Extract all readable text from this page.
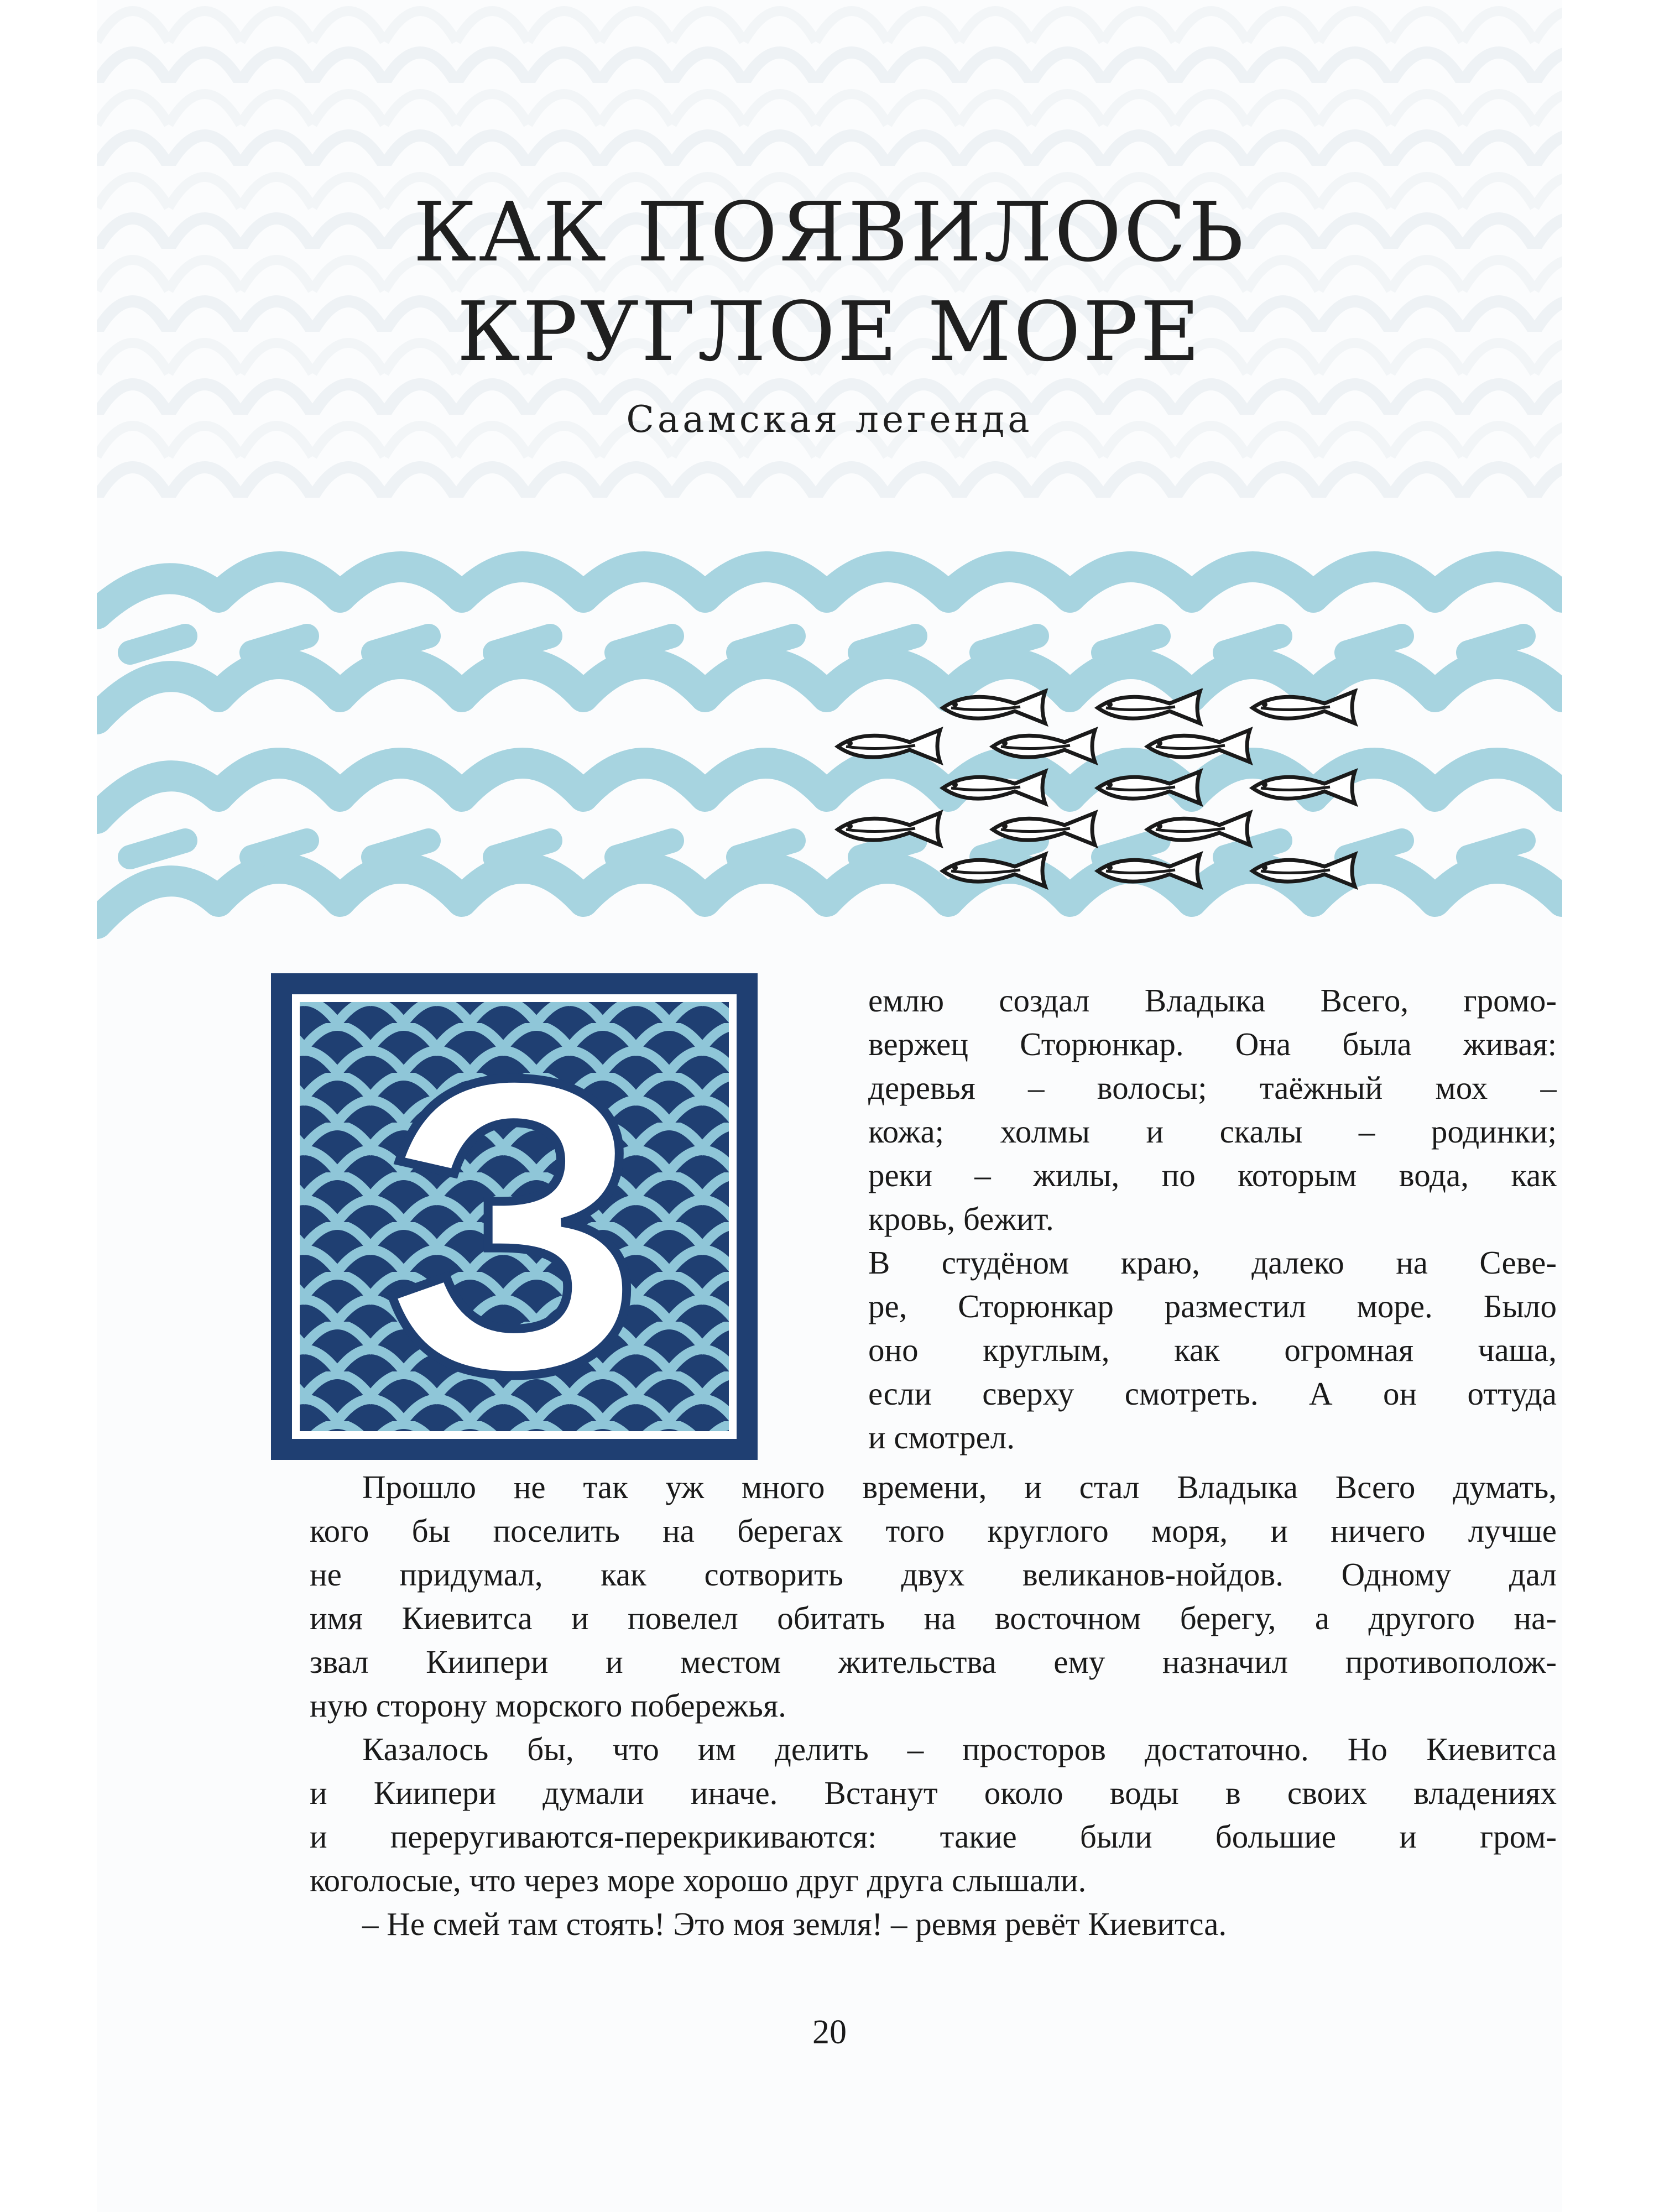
КАК ПОЯВИЛОСЬ
КРУГЛОЕ МОРЕ
Саамская легенда
З	емлю создал Владыка Всего, громо-
вержец Сторюнкар. Она была живая:
деревья – волосы; таёжный мох –
кожа; холмы и скалы – родинки;
реки – жилы, по которым вода, как
кровь, бежит.

В студёном краю, далеко на Севе-
ре, Сторюнкар разместил море. Было
оно круглым, как огромная чаша,
если сверху смотреть. А он оттуда
и смотрел.

Прошло не так уж много времени, и стал Владыка Всего думать,
кого бы поселить на берегах того круглого моря, и ничего лучше
не придумал, как сотворить двух великанов-нойдов. Одному дал
имя Киевитса и повелел обитать на восточном берегу, а другого на-
звал Киипери и местом жительства ему назначил противополож-
ную сторону морского побережья.

Казалось бы, что им делить – просторов достаточно. Но Киевитса
и Киипери думали иначе. Встанут около воды в своих владениях
и переругиваются-перекрикиваются: такие были большие и гром-
коголосые, что через море хорошо друг друга слышали.

– Не смей там стоять! Это моя земля! – ревмя ревёт Киевитса.

20
